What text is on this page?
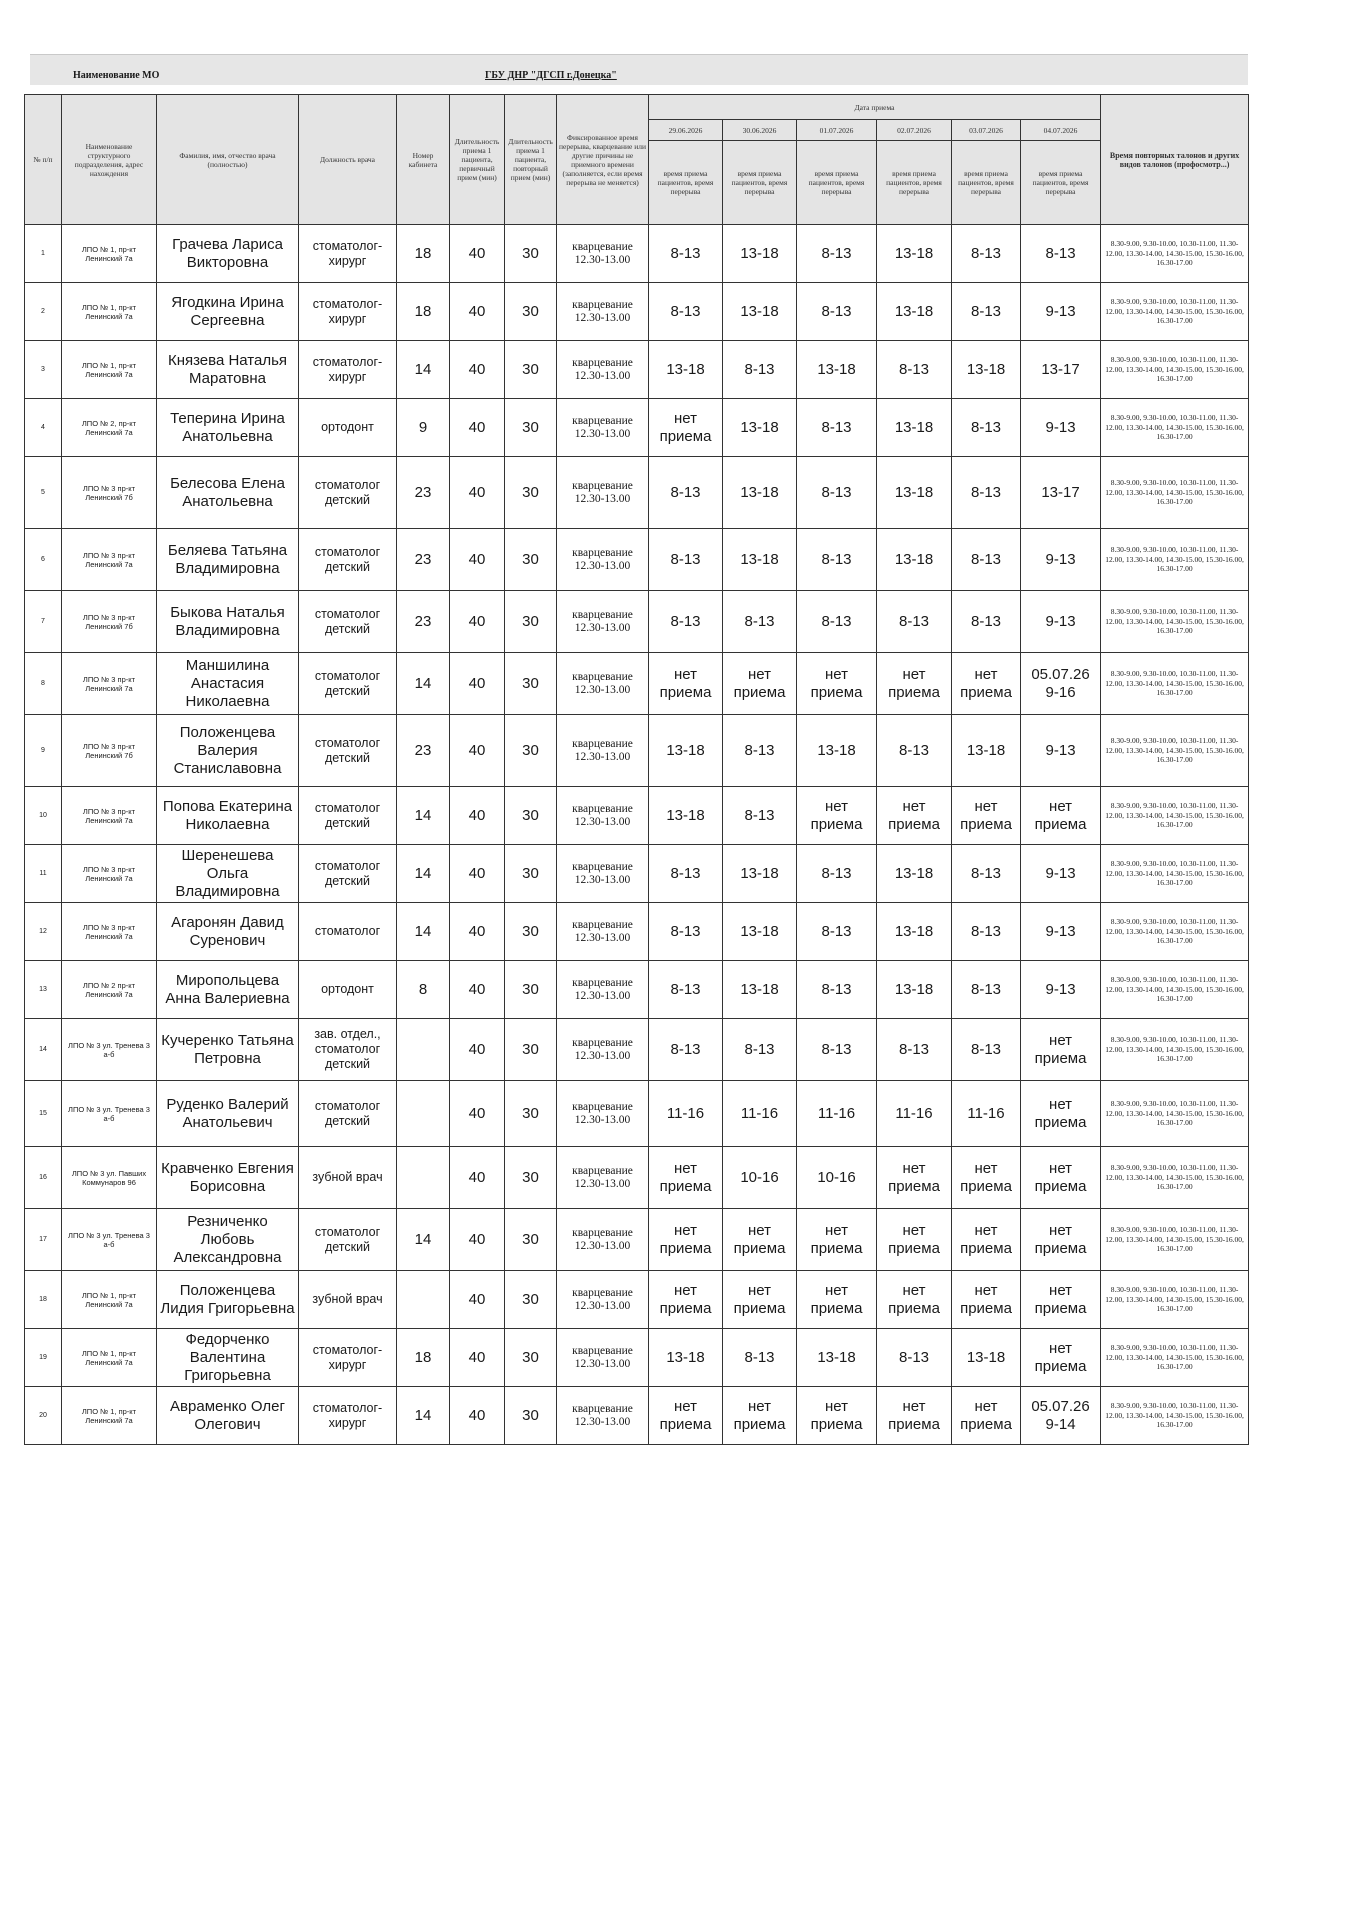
Наименование МО	ГБУ ДНР "ДГСП г.Донецка"
№ п/п	Наименование структурного подразделения, адрес нахождения	Фамилия, имя, отчество врача (полностью)	Должность врача	Номер кабинета	Длительность приема 1 пациента, первичный прием (мин)	Длительность приема 1 пациента, повторный прием (мин)	Фиксированное время перерыва, кварцевание или другие причины не приемного времени (заполняется, если время перерыва не меняется)	Дата приема						Время повторных талонов и других видов талонов (профосмотр...)
								29.06.2026	30.06.2026	01.07.2026	02.07.2026	03.07.2026	04.07.2026	
								время приема пациентов, время перерыва	время приема пациентов, время перерыва	время приема пациентов, время перерыва	время приема пациентов, время перерыва	время приема пациентов, время перерыва	время приема пациентов, время перерыва	
1	ЛПО № 1, пр-кт Ленинский 7а	Грачева Лариса Викторовна	стоматолог-хирург	18	40	30	кварцевание 12.30-13.00	8-13	13-18	8-13	13-18	8-13	8-13	8.30-9.00, 9.30-10.00, 10.30-11.00, 11.30-12.00, 13.30-14.00, 14.30-15.00, 15.30-16.00, 16.30-17.00
2	ЛПО № 1, пр-кт Ленинский 7а	Ягодкина Ирина Сергеевна	стоматолог-хирург	18	40	30	кварцевание 12.30-13.00	8-13	13-18	8-13	13-18	8-13	9-13	8.30-9.00, 9.30-10.00, 10.30-11.00, 11.30-12.00, 13.30-14.00, 14.30-15.00, 15.30-16.00, 16.30-17.00
3	ЛПО № 1, пр-кт Ленинский 7а	Князева Наталья Маратовна	стоматолог-хирург	14	40	30	кварцевание 12.30-13.00	13-18	8-13	13-18	8-13	13-18	13-17	8.30-9.00, 9.30-10.00, 10.30-11.00, 11.30-12.00, 13.30-14.00, 14.30-15.00, 15.30-16.00, 16.30-17.00
4	ЛПО № 2, пр-кт Ленинский 7а	Теперина Ирина Анатольевна	ортодонт	9	40	30	кварцевание 12.30-13.00	нет приема	13-18	8-13	13-18	8-13	9-13	8.30-9.00, 9.30-10.00, 10.30-11.00, 11.30-12.00, 13.30-14.00, 14.30-15.00, 15.30-16.00, 16.30-17.00
5	ЛПО № 3 пр-кт Ленинский 7б	Белесова Елена Анатольевна	стоматолог детский	23	40	30	кварцевание 12.30-13.00	8-13	13-18	8-13	13-18	8-13	13-17	8.30-9.00, 9.30-10.00, 10.30-11.00, 11.30-12.00, 13.30-14.00, 14.30-15.00, 15.30-16.00, 16.30-17.00
6	ЛПО № 3 пр-кт Ленинский 7а	Беляева Татьяна Владимировна	стоматолог детский	23	40	30	кварцевание 12.30-13.00	8-13	13-18	8-13	13-18	8-13	9-13	8.30-9.00, 9.30-10.00, 10.30-11.00, 11.30-12.00, 13.30-14.00, 14.30-15.00, 15.30-16.00, 16.30-17.00
7	ЛПО № 3 пр-кт Ленинский 7б	Быкова Наталья Владимировна	стоматолог детский	23	40	30	кварцевание 12.30-13.00	8-13	8-13	8-13	8-13	8-13	9-13	8.30-9.00, 9.30-10.00, 10.30-11.00, 11.30-12.00, 13.30-14.00, 14.30-15.00, 15.30-16.00, 16.30-17.00
8	ЛПО № 3 пр-кт Ленинский 7а	Маншилина Анастасия Николаевна	стоматолог детский	14	40	30	кварцевание 12.30-13.00	нет приема	нет приема	нет приема	нет приема	нет приема	05.07.26 9-16	8.30-9.00, 9.30-10.00, 10.30-11.00, 11.30-12.00, 13.30-14.00, 14.30-15.00, 15.30-16.00, 16.30-17.00
9	ЛПО № 3 пр-кт Ленинский 7б	Положенцева Валерия Станиславовна	стоматолог детский	23	40	30	кварцевание 12.30-13.00	13-18	8-13	13-18	8-13	13-18	9-13	8.30-9.00, 9.30-10.00, 10.30-11.00, 11.30-12.00, 13.30-14.00, 14.30-15.00, 15.30-16.00, 16.30-17.00
10	ЛПО № 3 пр-кт Ленинский 7а	Попова Екатерина Николаевна	стоматолог детский	14	40	30	кварцевание 12.30-13.00	13-18	8-13	нет приема	нет приема	нет приема	нет приема	8.30-9.00, 9.30-10.00, 10.30-11.00, 11.30-12.00, 13.30-14.00, 14.30-15.00, 15.30-16.00, 16.30-17.00
11	ЛПО № 3 пр-кт Ленинский 7а	Шеренешева Ольга Владимировна	стоматолог детский	14	40	30	кварцевание 12.30-13.00	8-13	13-18	8-13	13-18	8-13	9-13	8.30-9.00, 9.30-10.00, 10.30-11.00, 11.30-12.00, 13.30-14.00, 14.30-15.00, 15.30-16.00, 16.30-17.00
12	ЛПО № 3 пр-кт Ленинский 7а	Агаронян Давид Суренович	стоматолог	14	40	30	кварцевание 12.30-13.00	8-13	13-18	8-13	13-18	8-13	9-13	8.30-9.00, 9.30-10.00, 10.30-11.00, 11.30-12.00, 13.30-14.00, 14.30-15.00, 15.30-16.00, 16.30-17.00
13	ЛПО № 2 пр-кт Ленинский 7а	Миропольцева Анна Валериевна	ортодонт	8	40	30	кварцевание 12.30-13.00	8-13	13-18	8-13	13-18	8-13	9-13	8.30-9.00, 9.30-10.00, 10.30-11.00, 11.30-12.00, 13.30-14.00, 14.30-15.00, 15.30-16.00, 16.30-17.00
14	ЛПО № 3 ул. Тренева 3 а-б	Кучеренко Татьяна Петровна	зав. отдел., стоматолог детский		40	30	кварцевание 12.30-13.00	8-13	8-13	8-13	8-13	8-13	нет приема	8.30-9.00, 9.30-10.00, 10.30-11.00, 11.30-12.00, 13.30-14.00, 14.30-15.00, 15.30-16.00, 16.30-17.00
15	ЛПО № 3 ул. Тренева 3 а-б	Руденко Валерий Анатольевич	стоматолог детский		40	30	кварцевание 12.30-13.00	11-16	11-16	11-16	11-16	11-16	нет приема	8.30-9.00, 9.30-10.00, 10.30-11.00, 11.30-12.00, 13.30-14.00, 14.30-15.00, 15.30-16.00, 16.30-17.00
16	ЛПО № 3 ул. Павших Коммунаров 96	Кравченко Евгения Борисовна	зубной врач		40	30	кварцевание 12.30-13.00	нет приема	10-16	10-16	нет приема	нет приема	нет приема	8.30-9.00, 9.30-10.00, 10.30-11.00, 11.30-12.00, 13.30-14.00, 14.30-15.00, 15.30-16.00, 16.30-17.00
17	ЛПО № 3 ул. Тренева 3 а-б	Резниченко Любовь Александровна	стоматолог детский	14	40	30	кварцевание 12.30-13.00	нет приема	нет приема	нет приема	нет приема	нет приема	нет приема	8.30-9.00, 9.30-10.00, 10.30-11.00, 11.30-12.00, 13.30-14.00, 14.30-15.00, 15.30-16.00, 16.30-17.00
18	ЛПО № 1, пр-кт Ленинский 7а	Положенцева Лидия Григорьевна	зубной врач		40	30	кварцевание 12.30-13.00	нет приема	нет приема	нет приема	нет приема	нет приема	нет приема	8.30-9.00, 9.30-10.00, 10.30-11.00, 11.30-12.00, 13.30-14.00, 14.30-15.00, 15.30-16.00, 16.30-17.00
19	ЛПО № 1, пр-кт Ленинский 7а	Федорченко Валентина Григорьевна	стоматолог-хирург	18	40	30	кварцевание 12.30-13.00	13-18	8-13	13-18	8-13	13-18	нет приема	8.30-9.00, 9.30-10.00, 10.30-11.00, 11.30-12.00, 13.30-14.00, 14.30-15.00, 15.30-16.00, 16.30-17.00
20	ЛПО № 1, пр-кт Ленинский 7а	Авраменко Олег Олегович	стоматолог-хирург	14	40	30	кварцевание 12.30-13.00	нет приема	нет приема	нет приема	нет приема	нет приема	05.07.26 9-14	8.30-9.00, 9.30-10.00, 10.30-11.00, 11.30-12.00, 13.30-14.00, 14.30-15.00, 15.30-16.00, 16.30-17.00
